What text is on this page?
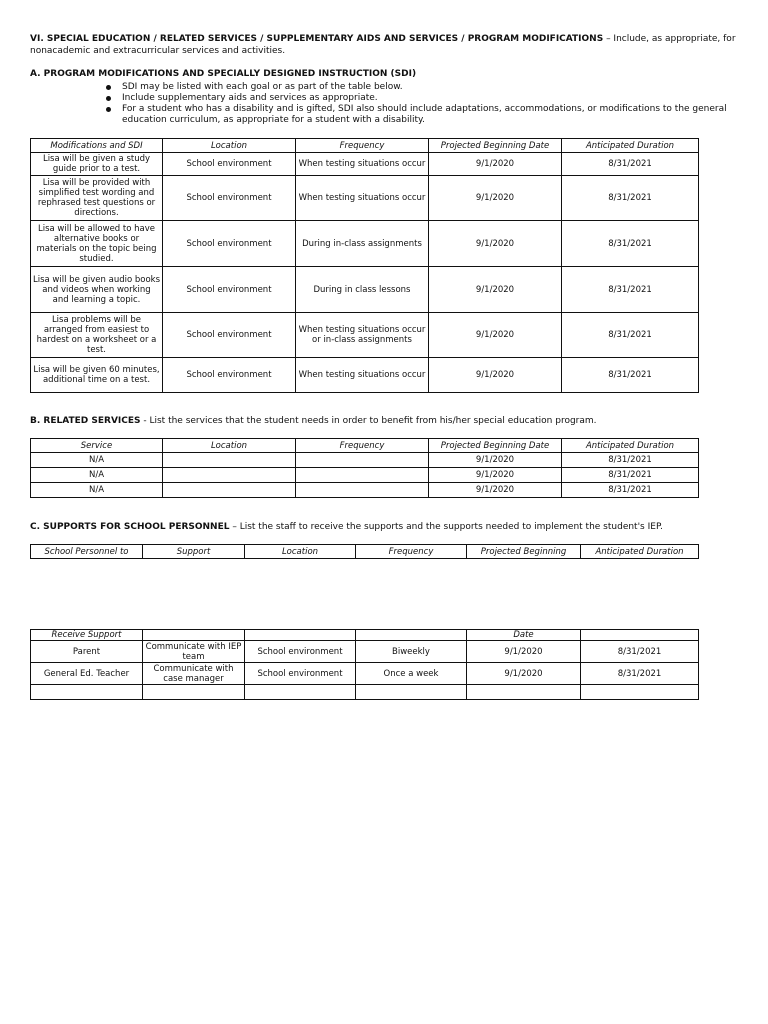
VI. SPECIAL EDUCATION / RELATED SERVICES / SUPPLEMENTARY AIDS AND SERVICES / PROGRAM MODIFICATIONS – Include, as appropriate, for nonacademic and extracurricular services and activities.

A. PROGRAM MODIFICATIONS AND SPECIALLY DESIGNED INSTRUCTION (SDI)

SDI may be listed with each goal or as part of the table below.
Include supplementary aids and services as appropriate.
For a student who has a disability and is gifted, SDI also should include adaptations, accommodations, or modifications to the general education curriculum, as appropriate for a student with a disability.
Modifications and SDI	Location	Frequency	Projected Beginning Date	Anticipated Duration
Lisa will be given a study guide prior to a test.	School environment	When testing situations occur	9/1/2020	8/31/2021
Lisa will be provided with simplified test wording and rephrased test questions or directions.	School environment	When testing situations occur	9/1/2020	8/31/2021
Lisa will be allowed to have alternative books or materials on the topic being studied.	School environment	During in-class assignments	9/1/2020	8/31/2021
Lisa will be given audio books and videos when working and learning a topic.	School environment	During in class lessons	9/1/2020	8/31/2021
Lisa problems will be arranged from easiest to hardest on a worksheet or a test.	School environment	When testing situations occur or in-class assignments	9/1/2020	8/31/2021
Lisa will be given 60 minutes, additional time on a test.	School environment	When testing situations occur	9/1/2020	8/31/2021

B. RELATED SERVICES - List the services that the student needs in order to benefit from his/her special education program.

Service	Location	Frequency	Projected Beginning Date	Anticipated Duration
N/A			9/1/2020	8/31/2021
N/A			9/1/2020	8/31/2021
N/A			9/1/2020	8/31/2021

C. SUPPORTS FOR SCHOOL PERSONNEL – List the staff to receive the supports and the supports needed to implement the student's IEP.

School Personnel to	Support	Location	Frequency	Projected Beginning	Anticipated Duration
Receive Support				Date	
Parent	Communicate with IEP team	School environment	Biweekly	9/1/2020	8/31/2021
General Ed. Teacher	Communicate with case manager	School environment	Once a week	9/1/2020	8/31/2021
